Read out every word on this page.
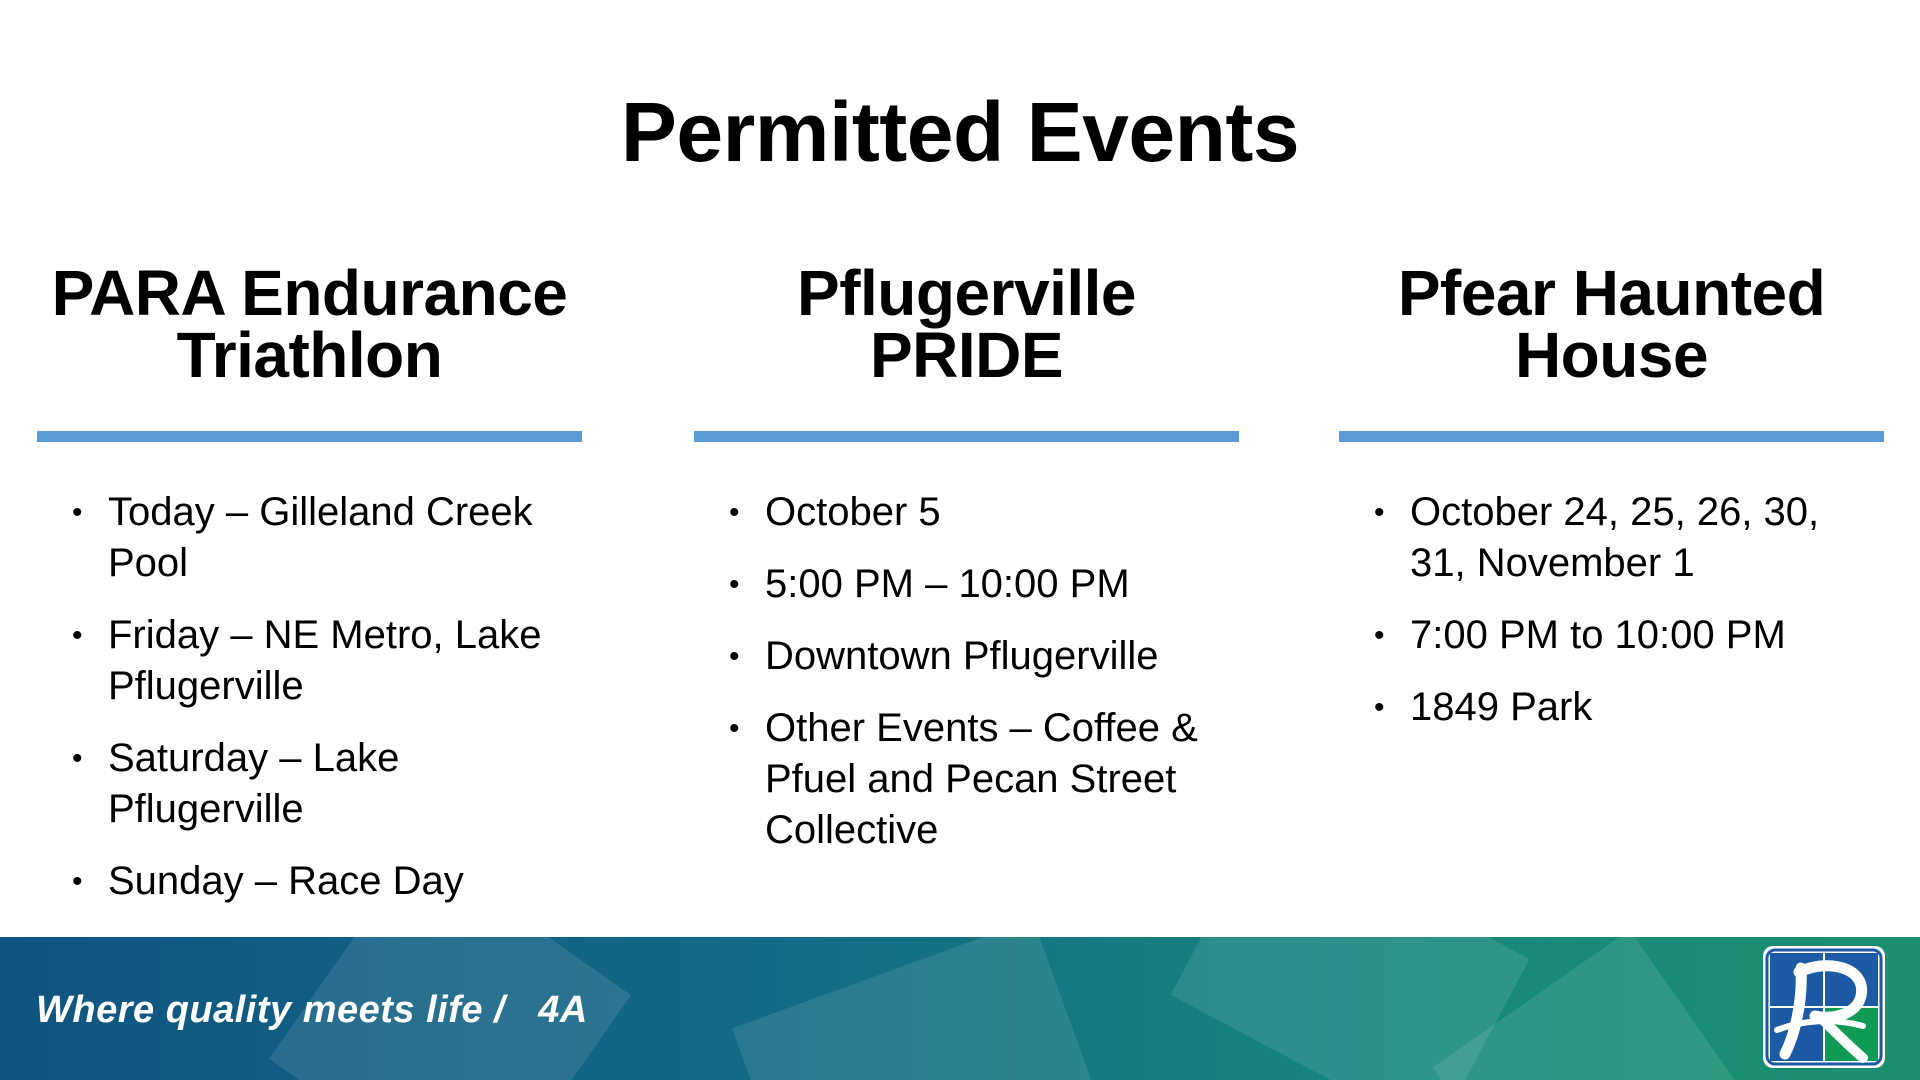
Permitted Events
PARA Endurance
Triathlon
• Today – Gilleland Creek Pool
• Friday – NE Metro, Lake Pflugerville
• Saturday – Lake Pflugerville
• Sunday – Race Day
Pflugerville
PRIDE
• October 5
• 5:00 PM – 10:00 PM
• Downtown Pflugerville
• Other Events – Coffee & Pfuel and Pecan Street Collective
Pfear Haunted
House
• October 24, 25, 26, 30, 31, November 1
• 7:00 PM to 10:00 PM
• 1849 Park
Where quality meets life /   4A
